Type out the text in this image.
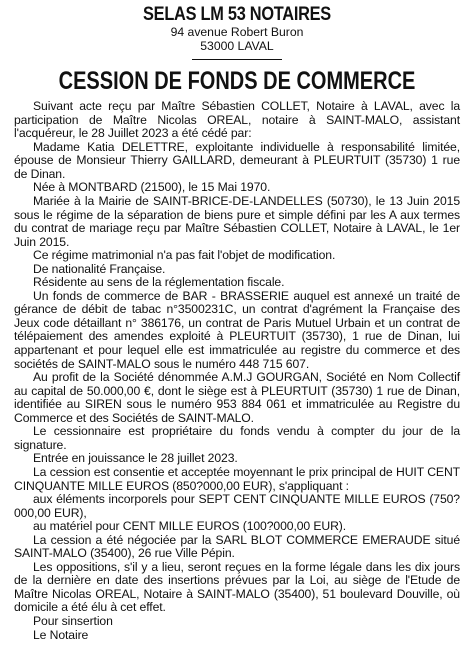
SELAS LM 53 NOTAIRES

94 avenue Robert Buron

53000 LAVAL

CESSION DE FONDS DE COMMERCE

Suivant acte reçu par Maître Sébastien COLLET, Notaire à LAVAL, avec la participation de Maître Nicolas OREAL, notaire à SAINT-MALO, assistant l'acquéreur, le 28 Juillet 2023 a été cédé par:

Madame Katia DELETTRE, exploitante individuelle à responsabilité limitée, épouse de Monsieur Thierry GAILLARD, demeurant à PLEURTUIT (35730) 1 rue de Dinan.

Née à MONTBARD (21500), le 15 Mai 1970.

Mariée à la Mairie de SAINT-BRICE-DE-LANDELLES (50730), le 13 Juin 2015 sous le régime de la séparation de biens pure et simple défini par les A aux termes du contrat de mariage reçu par Maître Sébastien COLLET, Notaire à LAVAL, le 1er Juin 2015.

Ce régime matrimonial n'a pas fait l'objet de modification.

De nationalité Française.

Résidente au sens de la réglementation fiscale.

Un fonds de commerce de BAR - BRASSERIE auquel est annexé un traité de gérance de débit de tabac n°3500231C, un contrat d'agrément la Française des Jeux code détaillant n° 386176, un contrat de Paris Mutuel Urbain et un contrat de télépaiement des amendes exploité à PLEURTUIT (35730), 1 rue de Dinan, lui appartenant et pour lequel elle est immatriculée au registre du commerce et des sociétés de SAINT-MALO sous le numéro 448 715 607.

Au profit de la Société dénommée A.M.J GOURGAN, Société en Nom Collectif au capital de 50.000,00 €, dont le siège est à PLEURTUIT (35730) 1 rue de Dinan, identifiée au SIREN sous le numéro 953 884 061 et immatriculée au Registre du Commerce et des Sociétés de SAINT-MALO.

Le cessionnaire est propriétaire du fonds vendu à compter du jour de la signature.

Entrée en jouissance le 28 juillet 2023.

La cession est consentie et acceptée moyennant le prix principal de HUIT CENT CINQUANTE MILLE EUROS (850?000,00 EUR), s'appliquant :

aux éléments incorporels pour SEPT CENT CINQUANTE MILLE EUROS (750?000,00 EUR),

au matériel pour CENT MILLE EUROS (100?000,00 EUR).

La cession a été négociée par la SARL BLOT COMMERCE EMERAUDE situé SAINT-MALO (35400), 26 rue Ville Pépin.

Les oppositions, s'il y a lieu, seront reçues en la forme légale dans les dix jours de la dernière en date des insertions prévues par la Loi, au siège de l'Etude de Maître Nicolas OREAL, Notaire à SAINT-MALO (35400), 51 boulevard Douville, où domicile a été élu à cet effet.

Pour sinsertion

Le Notaire
